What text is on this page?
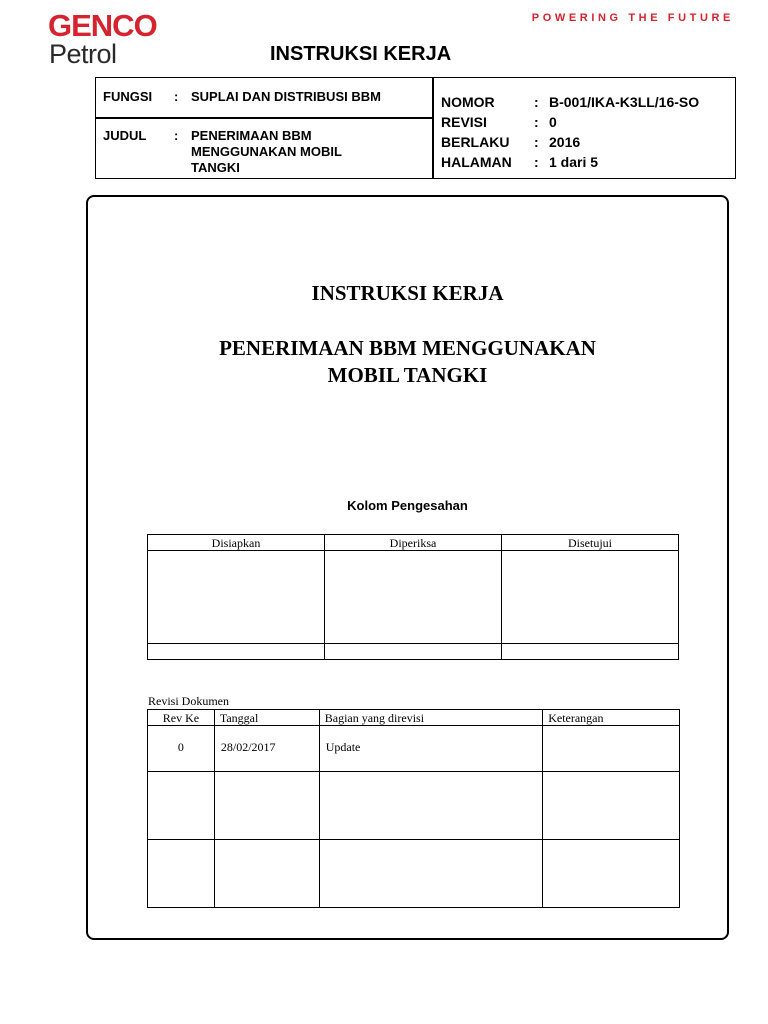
GENCO
Petrol
POWERING THE FUTURE
INSTRUKSI KERJA
FUNGSI : SUPLAI DAN DISTRIBUSI BBM
JUDUL : PENERIMAAN BBM MENGGUNAKAN MOBIL TANGKI
NOMOR	: B-001/IKA-K3LL/16-SO
REVISI	: 0
BERLAKU : 2016
HALAMAN : 1 dari 5
INSTRUKSI KERJA
PENERIMAAN BBM MENGGUNAKAN
MOBIL TANGKI
Kolom Pengesahan
Disiapkan	Diperiksa	Disetujui

Revisi Dokumen
Rev Ke	Tanggal	Bagian yang direvisi	Keterangan
0	28/02/2017	Update	
